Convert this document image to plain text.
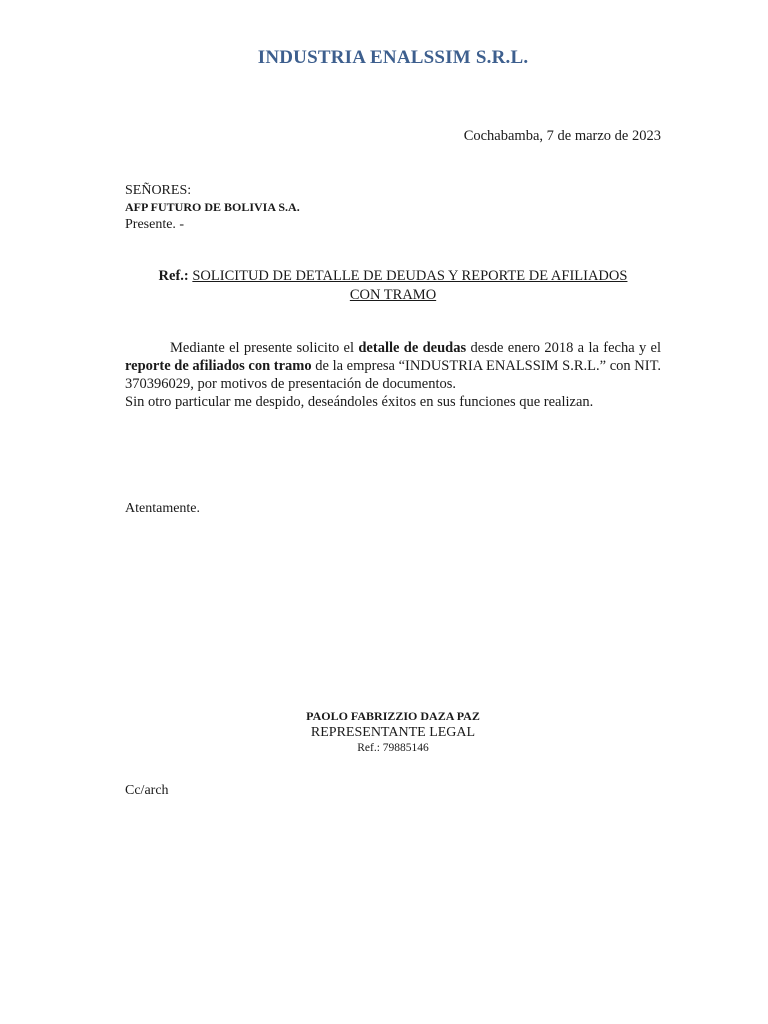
INDUSTRIA ENALSSIM S.R.L.
Cochabamba, 7 de marzo de 2023
SEÑORES:
AFP FUTURO DE BOLIVIA S.A.
Presente. -
Ref.: SOLICITUD DE DETALLE DE DEUDAS Y REPORTE DE AFILIADOS
CON TRAMO

Mediante el presente solicito el detalle de deudas desde enero 2018 a la fecha y el reporte de afiliados con tramo de la empresa “INDUSTRIA ENALSSIM S.R.L.” con NIT. 370396029, por motivos de presentación de documentos.

Sin otro particular me despido, deseándoles éxitos en sus funciones que realizan.

Atentamente.
PAOLO FABRIZZIO DAZA PAZ
REPRESENTANTE LEGAL
Ref.: 79885146
Cc/arch
